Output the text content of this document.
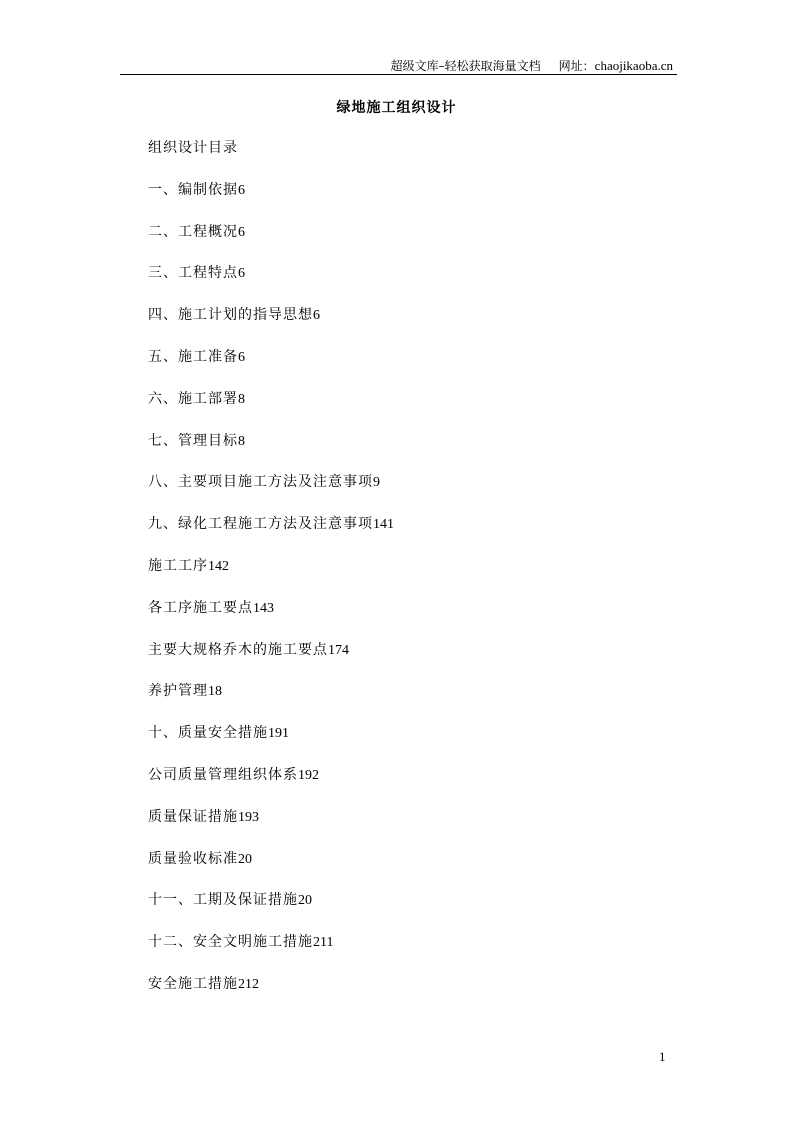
超级文库–轻松获取海量文档 网址：chaojikaoba.cn
绿地施工组织设计
组织设计目录
一、编制依据6
二、工程概况6
三、工程特点6
四、施工计划的指导思想6
五、施工准备6
六、施工部署8
七、管理目标8
八、主要项目施工方法及注意事项9
九、绿化工程施工方法及注意事项141
施工工序142
各工序施工要点143
主要大规格乔木的施工要点174
养护管理18
十、质量安全措施191
公司质量管理组织体系192
质量保证措施193
质量验收标准20
十一、工期及保证措施20
十二、安全文明施工措施211
安全施工措施212
1
